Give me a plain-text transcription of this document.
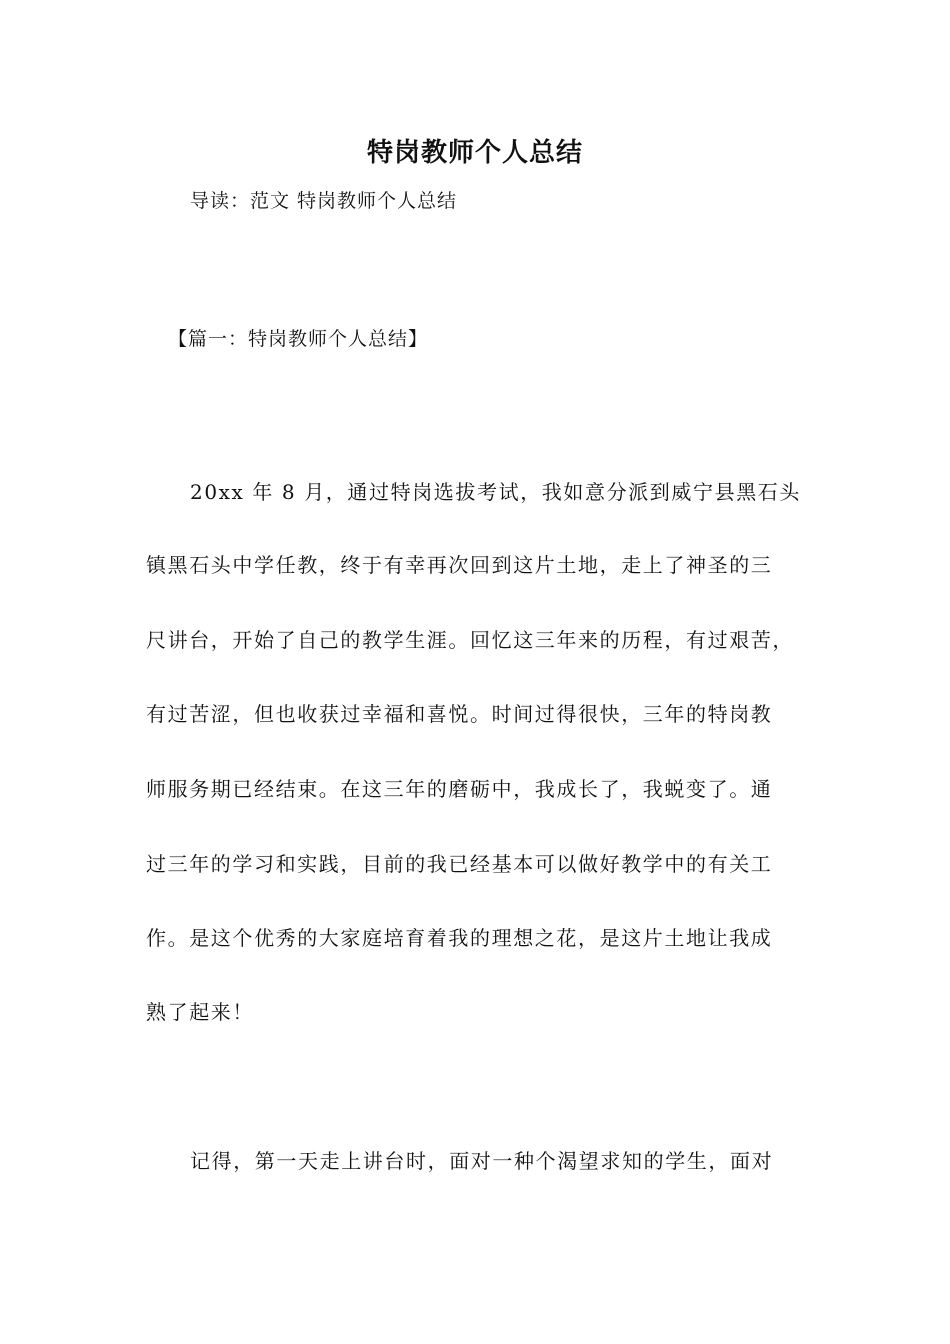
特岗教师个人总结
导读：范文 特岗教师个人总结
【篇一：特岗教师个人总结】
20xx 年 8 月，通过特岗选拔考试，我如意分派到威宁县黑石头
镇黑石头中学任教，终于有幸再次回到这片土地，走上了神圣的三
尺讲台，开始了自己的教学生涯。回忆这三年来的历程，有过艰苦，
有过苦涩，但也收获过幸福和喜悦。时间过得很快，三年的特岗教
师服务期已经结束。在这三年的磨砺中，我成长了，我蜕变了。通
过三年的学习和实践，目前的我已经基本可以做好教学中的有关工
作。是这个优秀的大家庭培育着我的理想之花，是这片土地让我成
熟了起来！
记得，第一天走上讲台时，面对一种个渴望求知的学生，面对
